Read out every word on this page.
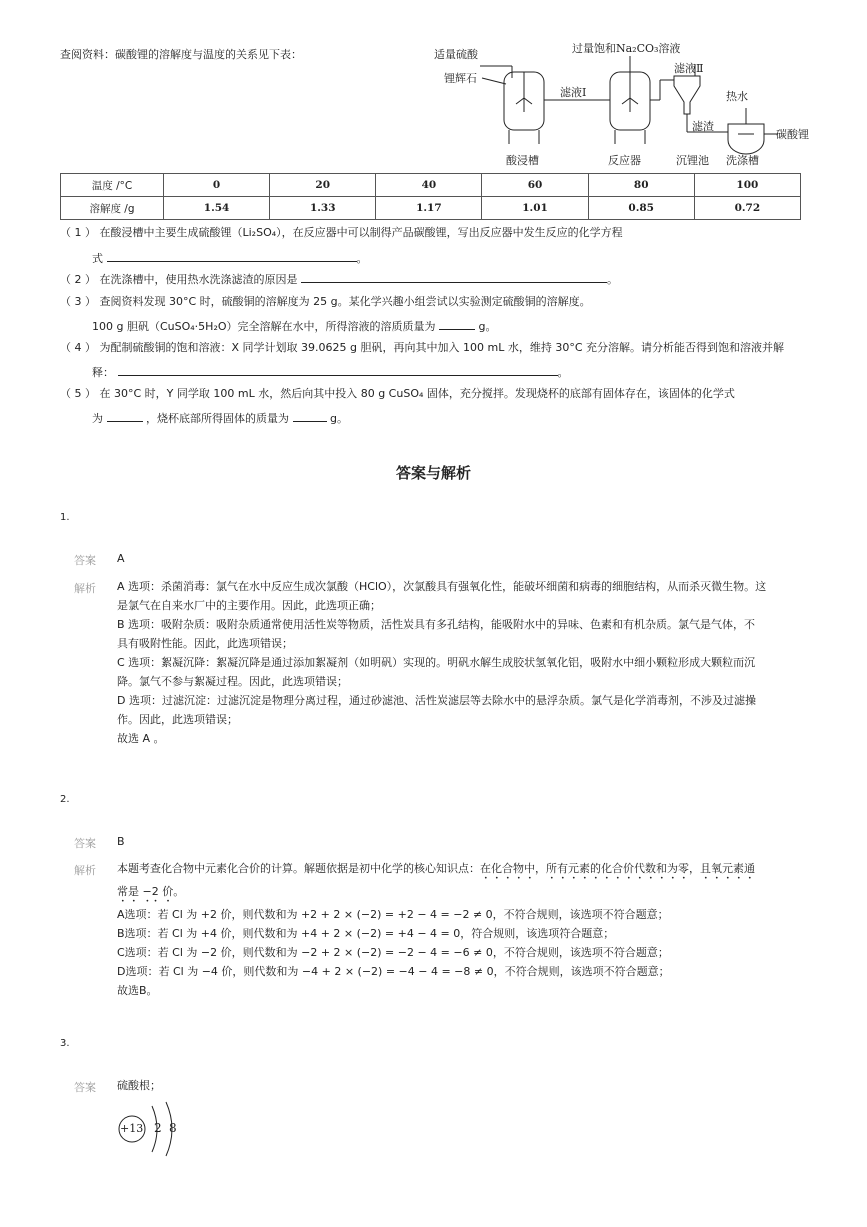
查阅资料：碳酸锂的溶解度与温度的关系见下表：	适量硫酸
锂辉石
过量饱和Na₂CO₃溶液
滤液Ⅰ
滤液Ⅱ
滤渣
热水
碳酸锂
酸浸槽	反应器	沉锂池 洗涤槽
温度 /°C	0	20	40	60	80	100
溶解度 /g	1.54	1.33	1.17	1.01	0.85	0.72
（ 1 ） 在酸浸槽中主要生成硫酸锂（Li₂SO₄），在反应器中可以制得产品碳酸锂，写出反应器中发生反应的化学方程
式	。
（ 2 ） 在洗涤槽中，使用热水洗涤滤渣的原因是	。
（ 3 ） 查阅资料发现 30°C 时，硫酸铜的溶解度为 25 g。某化学兴趣小组尝试以实验测定硫酸铜的溶解度。
100 g 胆矾（CuSO₄·5H₂O）完全溶解在水中，所得溶液的溶质质量为	g。
（ 4 ） 为配制硫酸铜的饱和溶液：X 同学计划取 39.0625 g 胆矾，再向其中加入 100 mL 水，维持 30°C 充分溶解。请分析能否得到饱和溶液并解
释：	。
（ 5 ） 在 30°C 时，Y 同学取 100 mL 水，然后向其中投入 80 g CuSO₄ 固体，充分搅拌。发现烧杯的底部有固体存在，该固体的化学式
为	，烧杯底部所得固体的质量为	g。
答案与解析
1.
答案 A
解析 A 选项：杀菌消毒：氯气在水中反应生成次氯酸（HClO），次氯酸具有强氧化性，能破坏细菌和病毒的细胞结构，从而杀灭微生物。这
是氯气在自来水厂中的主要作用。因此，此选项正确；
B 选项：吸附杂质：吸附杂质通常使用活性炭等物质，活性炭具有多孔结构，能吸附水中的异味、色素和有机杂质。氯气是气体，不
具有吸附性能。因此，此选项错误；
C 选项：絮凝沉降：絮凝沉降是通过添加絮凝剂（如明矾）实现的。明矾水解生成胶状氢氧化铝，吸附水中细小颗粒形成大颗粒而沉
降。氯气不参与絮凝过程。因此，此选项错误；
D 选项：过滤沉淀：过滤沉淀是物理分离过程，通过砂滤池、活性炭滤层等去除水中的悬浮杂质。氯气是化学消毒剂，不涉及过滤操
作。因此，此选项错误；
故选 A 。
2.
答案 B
解析 本题考查化合物中元素化合价的计算。解题依据是初中化学的核心知识点：在化合物中，所有元素的化合价代数和为零，且氧元素通
常是 −2 价。
A选项：若 Cl 为 +2 价，则代数和为 +2 + 2 × (−2) = +2 − 4 = −2 ≠ 0，不符合规则，该选项不符合题意；
B选项：若 Cl 为 +4 价，则代数和为 +4 + 2 × (−2) = +4 − 4 = 0，符合规则，该选项符合题意；
C选项：若 Cl 为 −2 价，则代数和为 −2 + 2 × (−2) = −2 − 4 = −6 ≠ 0，不符合规则，该选项不符合题意；
D选项：若 Cl 为 −4 价，则代数和为 −4 + 2 × (−2) = −4 − 4 = −8 ≠ 0，不符合规则，该选项不符合题意；
故选B。
3.
答案 硫酸根；
+13 2 8
